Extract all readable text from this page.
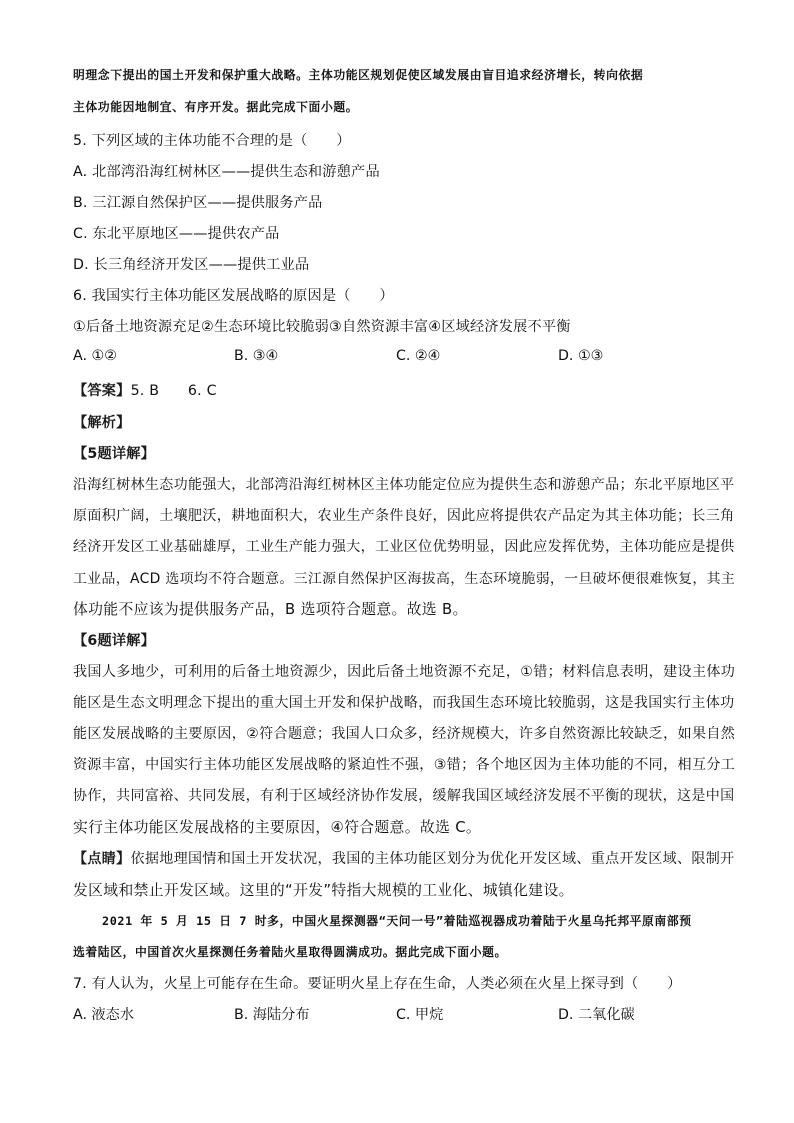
明理念下提出的国土开发和保护重大战略。主体功能区规划促使区域发展由盲目追求经济增长，转向依据
主体功能因地制宜、有序开发。据此完成下面小题。
5. 下列区域的主体功能不合理的是（　　）
A. 北部湾沿海红树林区——提供生态和游憩产品
B. 三江源自然保护区——提供服务产品
C. 东北平原地区——提供农产品
D. 长三角经济开发区——提供工业品
6. 我国实行主体功能区发展战略的原因是（　　）
①后备土地资源充足②生态环境比较脆弱③自然资源丰富④区域经济发展不平衡
A. ①②	B. ③④	C. ②④	D. ①③
【答案】5. B　　6. C
【解析】
【5题详解】
沿海红树林生态功能强大，北部湾沿海红树林区主体功能定位应为提供生态和游憩产品；东北平原地区平
原面积广阔，土壤肥沃，耕地面积大，农业生产条件良好，因此应将提供农产品定为其主体功能；长三角
经济开发区工业基础雄厚，工业生产能力强大，工业区位优势明显，因此应发挥优势，主体功能应是提供
工业品，ACD 选项均不符合题意。三江源自然保护区海拔高，生态环境脆弱，一旦破坏便很难恢复，其主
体功能不应该为提供服务产品，B 选项符合题意。故选 B。
【6题详解】
我国人多地少，可利用的后备土地资源少，因此后备土地资源不充足，①错；材料信息表明，建设主体功
能区是生态文明理念下提出的重大国土开发和保护战略，而我国生态环境比较脆弱，这是我国实行主体功
能区发展战略的主要原因，②符合题意；我国人口众多，经济规模大，许多自然资源比较缺乏，如果自然
资源丰富，中国实行主体功能区发展战略的紧迫性不强，③错；各个地区因为主体功能的不同，相互分工
协作，共同富裕、共同发展，有利于区域经济协作发展，缓解我国区域经济发展不平衡的现状，这是中国
实行主体功能区发展战格的主要原因，④符合题意。故选 C。
【点睛】依据地理国情和国土开发状况，我国的主体功能区划分为优化开发区域、重点开发区域、限制开
发区域和禁止开发区域。这里的“开发”特指大规模的工业化、城镇化建设。
2021 年 5 月 15 日 7 时多，中国火星探测器“天问一号”着陆巡视器成功着陆于火星乌托邦平原南部预
选着陆区，中国首次火星探测任务着陆火星取得圆满成功。据此完成下面小题。
7. 有人认为，火星上可能存在生命。要证明火星上存在生命，人类必须在火星上探寻到（　　）
A. 液态水	B. 海陆分布	C. 甲烷	D. 二氧化碳
